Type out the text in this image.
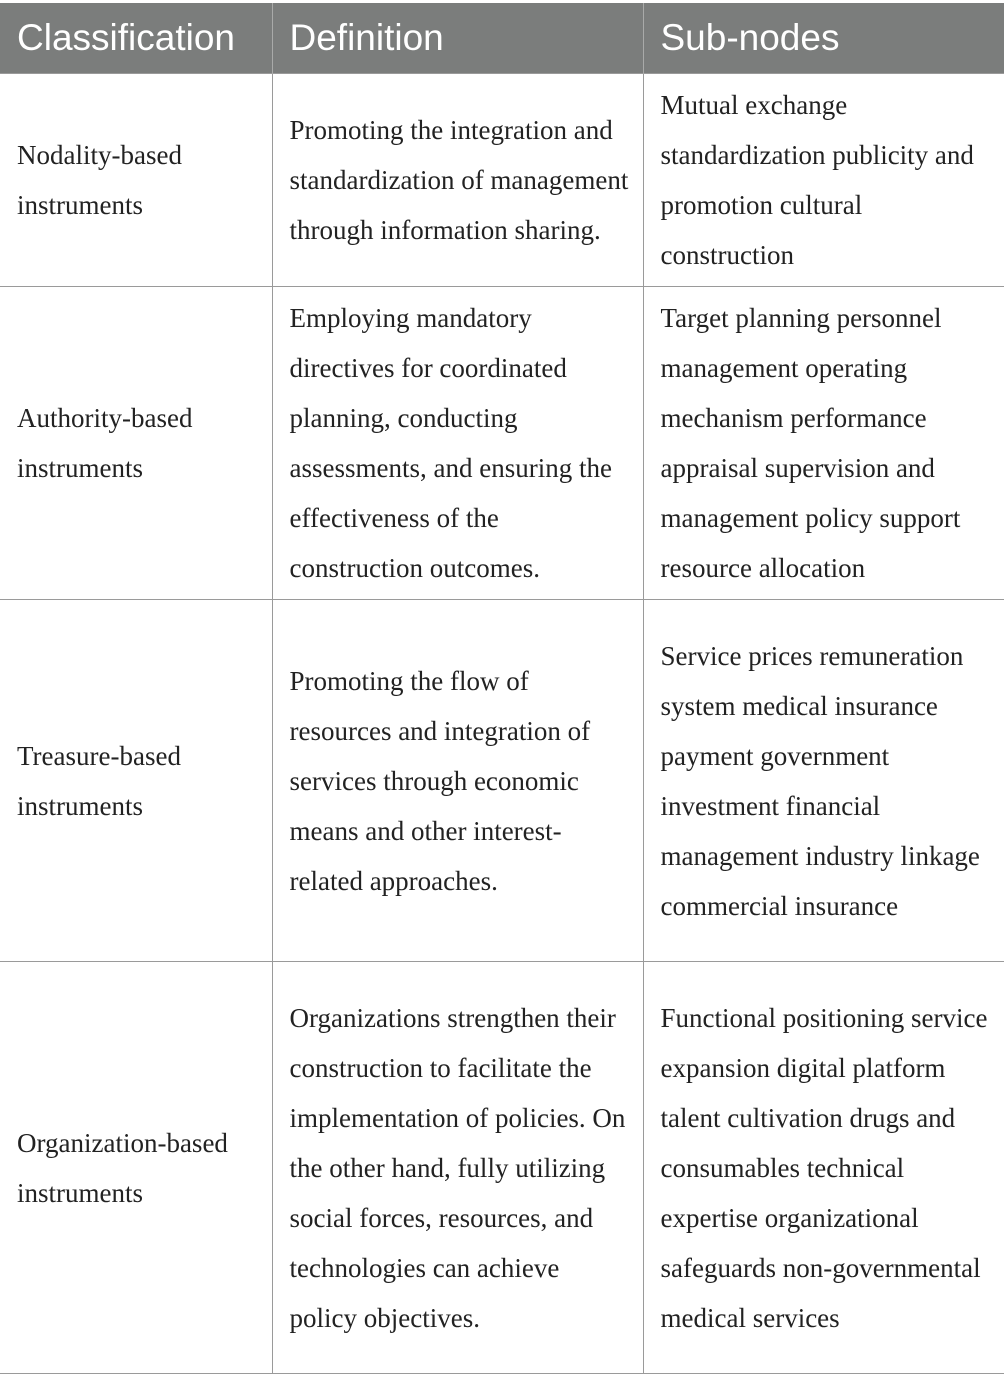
Classification	Definition	Sub-nodes
Nodality-based instruments	Promoting the integration and standardization of management through information sharing.	Mutual exchange standardization publicity and promotion cultural construction
Authority-based instruments	Employing mandatory directives for coordinated planning, conducting assessments, and ensuring the effectiveness of the construction outcomes.	Target planning personnel management operating mechanism performance appraisal supervision and management policy support resource allocation
Treasure-based instruments	Promoting the flow of resources and integration of services through economic means and other interest-related approaches.	Service prices remuneration system medical insurance payment government investment financial management industry linkage commercial insurance
Organization-based instruments	Organizations strengthen their construction to facilitate the implementation of policies. On the other hand, fully utilizing social forces, resources, and technologies can achieve policy objectives.	Functional positioning service expansion digital platform talent cultivation drugs and consumables technical expertise organizational safeguards non-governmental medical services
